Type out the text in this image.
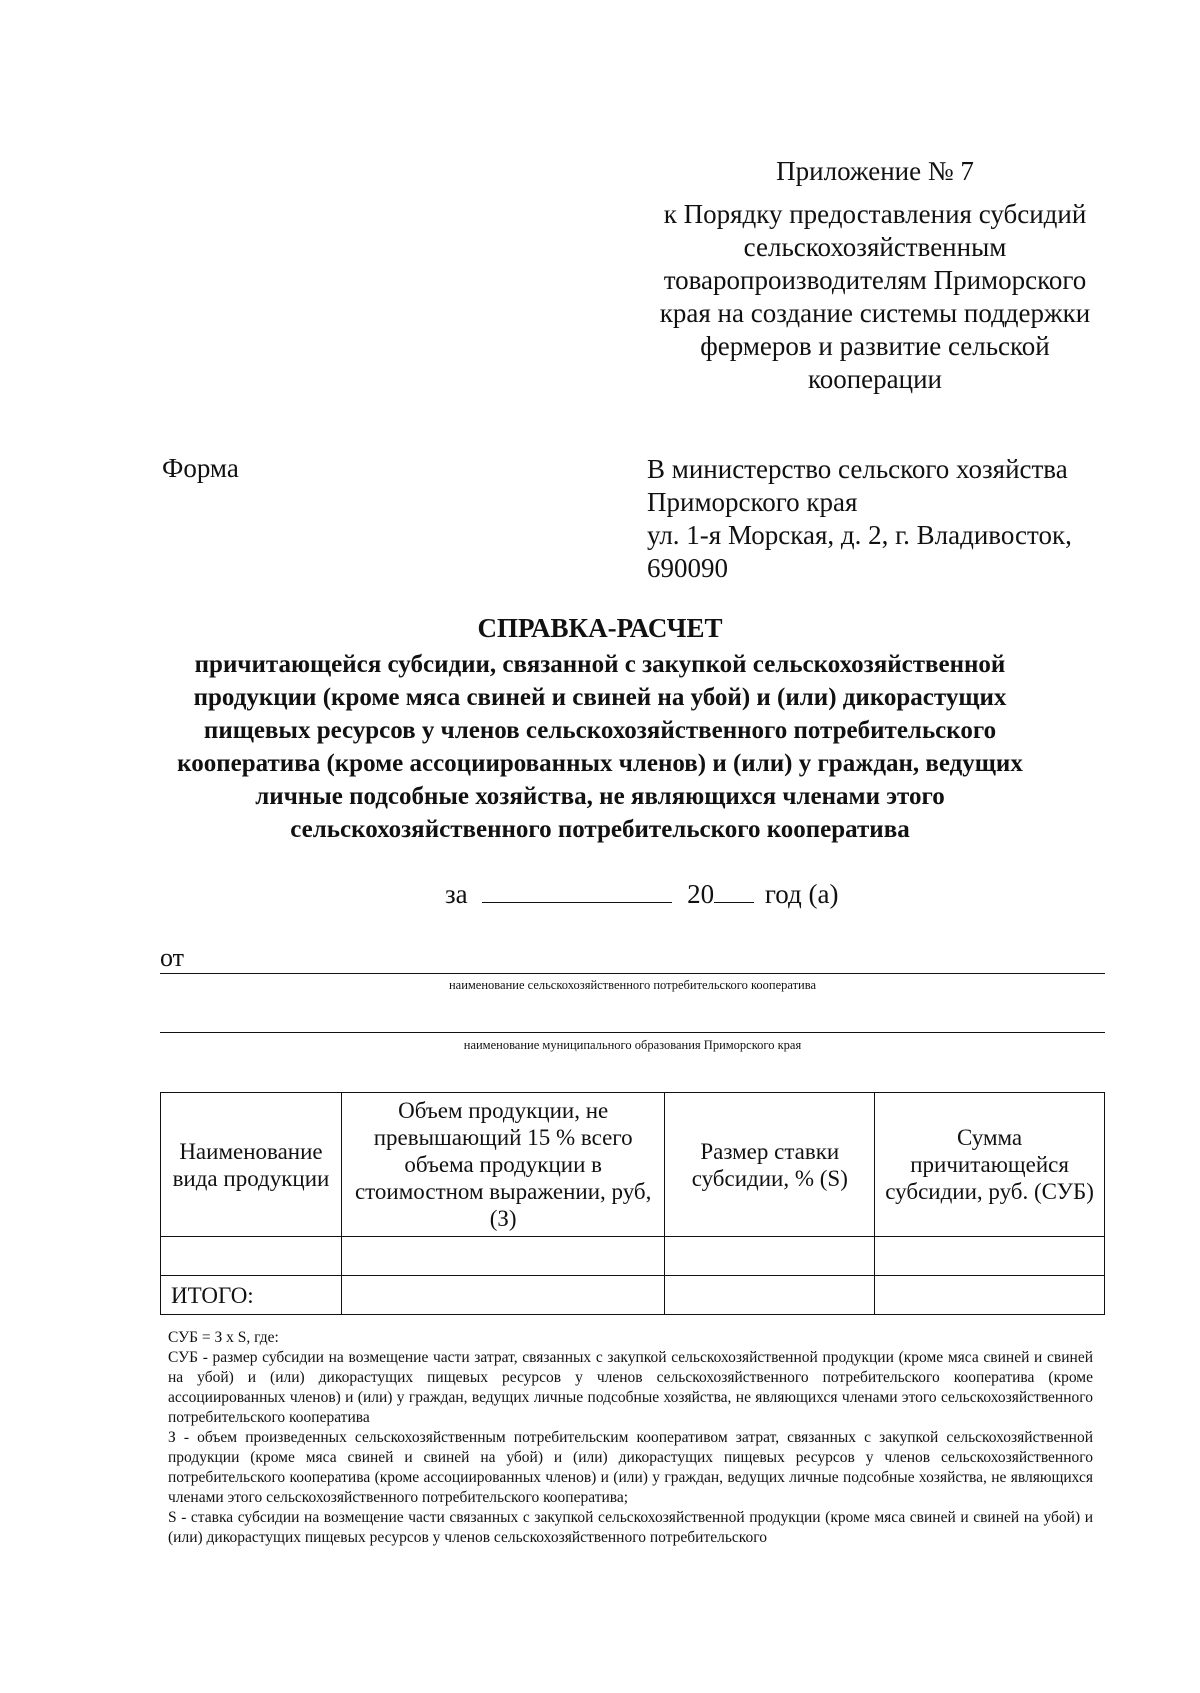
Приложение № 7
к Порядку предоставления субсидий сельскохозяйственным товаропроизводителям Приморского края на создание системы поддержки фермеров и развитие сельской кооперации
Форма	В министерство сельского хозяйства
Приморского края
ул. 1-я Морская, д. 2, г. Владивосток,
690090
СПРАВКА-РАСЧЕТ
причитающейся субсидии, связанной с закупкой сельскохозяйственной продукции (кроме мяса свиней и свиней на убой) и (или) дикорастущих пищевых ресурсов у членов сельскохозяйственного потребительского кооператива (кроме ассоциированных членов) и (или) у граждан, ведущих личные подсобные хозяйства, не являющихся членами этого сельскохозяйственного потребительского кооператива
за	20 год (а)
от
наименование сельскохозяйственного потребительского кооператива
наименование муниципального образования Приморского края
Наименование вида продукции	Объем продукции, не превышающий 15 % всего объема продукции в стоимостном выражении, руб, (З)	Размер ставки субсидии, % (S)	Сумма причитающейся субсидии, руб. (СУБ)

ИТОГО:			

СУБ = З x S, где:

СУБ - размер субсидии на возмещение части затрат, связанных с закупкой сельскохозяйственной продукции (кроме мяса свиней и свиней на убой) и (или) дикорастущих пищевых ресурсов у членов сельскохозяйственного потребительского кооператива (кроме ассоциированных членов) и (или) у граждан, ведущих личные подсобные хозяйства, не являющихся членами этого сельскохозяйственного потребительского кооператива

З - объем произведенных сельскохозяйственным потребительским кооперативом затрат, связанных с закупкой сельскохозяйственной продукции (кроме мяса свиней и свиней на убой) и (или) дикорастущих пищевых ресурсов у членов сельскохозяйственного потребительского кооператива (кроме ассоциированных членов) и (или) у граждан, ведущих личные подсобные хозяйства, не являющихся членами этого сельскохозяйственного потребительского кооператива;

S - ставка субсидии на возмещение части связанных с закупкой сельскохозяйственной продукции (кроме мяса свиней и свиней на убой) и (или) дикорастущих пищевых ресурсов у членов сельскохозяйственного потребительского
